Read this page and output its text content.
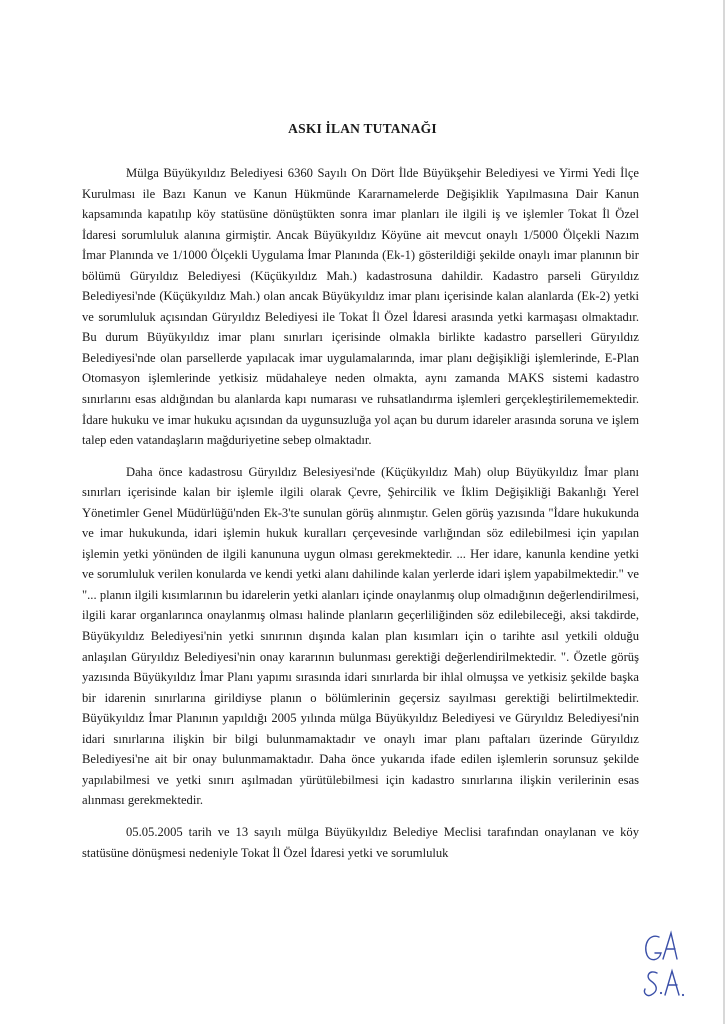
ASKI İLAN TUTANAĞI

Mülga Büyükyıldız Belediyesi 6360 Sayılı On Dört İlde Büyükşehir Belediyesi ve Yirmi Yedi İlçe Kurulması ile Bazı Kanun ve Kanun Hükmünde Kararnamelerde Değişiklik Yapılmasına Dair Kanun kapsamında kapatılıp köy statüsüne dönüştükten sonra imar planları ile ilgili iş ve işlemler Tokat İl Özel İdaresi sorumluluk alanına girmiştir. Ancak Büyükyıldız Köyüne ait mevcut onaylı 1/5000 Ölçekli Nazım İmar Planında ve 1/1000 Ölçekli Uygulama İmar Planında (Ek-1) gösterildiği şekilde onaylı imar planının bir bölümü Güryıldız Belediyesi (Küçükyıldız Mah.) kadastrosuna dahildir. Kadastro parseli Güryıldız Belediyesi'nde (Küçükyıldız Mah.) olan ancak Büyükyıldız imar planı içerisinde kalan alanlarda (Ek-2) yetki ve sorumluluk açısından Güryıldız Belediyesi ile Tokat İl Özel İdaresi arasında yetki karmaşası olmaktadır. Bu durum Büyükyıldız imar planı sınırları içerisinde olmakla birlikte kadastro parselleri Güryıldız Belediyesi'nde olan parsellerde yapılacak imar uygulamalarında, imar planı değişikliği işlemlerinde, E-Plan Otomasyon işlemlerinde yetkisiz müdahaleye neden olmakta, aynı zamanda MAKS sistemi kadastro sınırlarını esas aldığından bu alanlarda kapı numarası ve ruhsatlandırma işlemleri gerçekleştirilememektedir. İdare hukuku ve imar hukuku açısından da uygunsuzluğa yol açan bu durum idareler arasında soruna ve işlem talep eden vatandaşların mağduriyetine sebep olmaktadır.

Daha önce kadastrosu Güryıldız Belesiyesi'nde (Küçükyıldız Mah) olup Büyükyıldız İmar planı sınırları içerisinde kalan bir işlemle ilgili olarak Çevre, Şehircilik ve İklim Değişikliği Bakanlığı Yerel Yönetimler Genel Müdürlüğü'nden Ek-3'te sunulan görüş alınmıştır. Gelen görüş yazısında "İdare hukukunda ve imar hukukunda, idari işlemin hukuk kuralları çerçevesinde varlığından söz edilebilmesi için yapılan işlemin yetki yönünden de ilgili kanununa uygun olması gerekmektedir. ... Her idare, kanunla kendine yetki ve sorumluluk verilen konularda ve kendi yetki alanı dahilinde kalan yerlerde idari işlem yapabilmektedir." ve "... planın ilgili kısımlarının bu idarelerin yetki alanları içinde onaylanmış olup olmadığının değerlendirilmesi, ilgili karar organlarınca onaylanmış olması halinde planların geçerliliğinden söz edilebileceği, aksi takdirde, Büyükyıldız Belediyesi'nin yetki sınırının dışında kalan plan kısımları için o tarihte asıl yetkili olduğu anlaşılan Güryıldız Belediyesi'nin onay kararının bulunması gerektiği değerlendirilmektedir. ". Özetle görüş yazısında Büyükyıldız İmar Planı yapımı sırasında idari sınırlarda bir ihlal olmuşsa ve yetkisiz şekilde başka bir idarenin sınırlarına girildiyse planın o bölümlerinin geçersiz sayılması gerektiği belirtilmektedir. Büyükyıldız İmar Planının yapıldığı 2005 yılında mülga Büyükyıldız Belediyesi ve Güryıldız Belediyesi'nin idari sınırlarına ilişkin bir bilgi bulunmamaktadır ve onaylı imar planı paftaları üzerinde Güryıldız Belediyesi'ne ait bir onay bulunmamaktadır. Daha önce yukarıda ifade edilen işlemlerin sorunsuz şekilde yapılabilmesi ve yetki sınırı aşılmadan yürütülebilmesi için kadastro sınırlarına ilişkin verilerinin esas alınması gerekmektedir.

05.05.2005 tarih ve 13 sayılı mülga Büyükyıldız Belediye Meclisi tarafından onaylanan ve köy statüsüne dönüşmesi nedeniyle Tokat İl Özel İdaresi yetki ve sorumluluk
